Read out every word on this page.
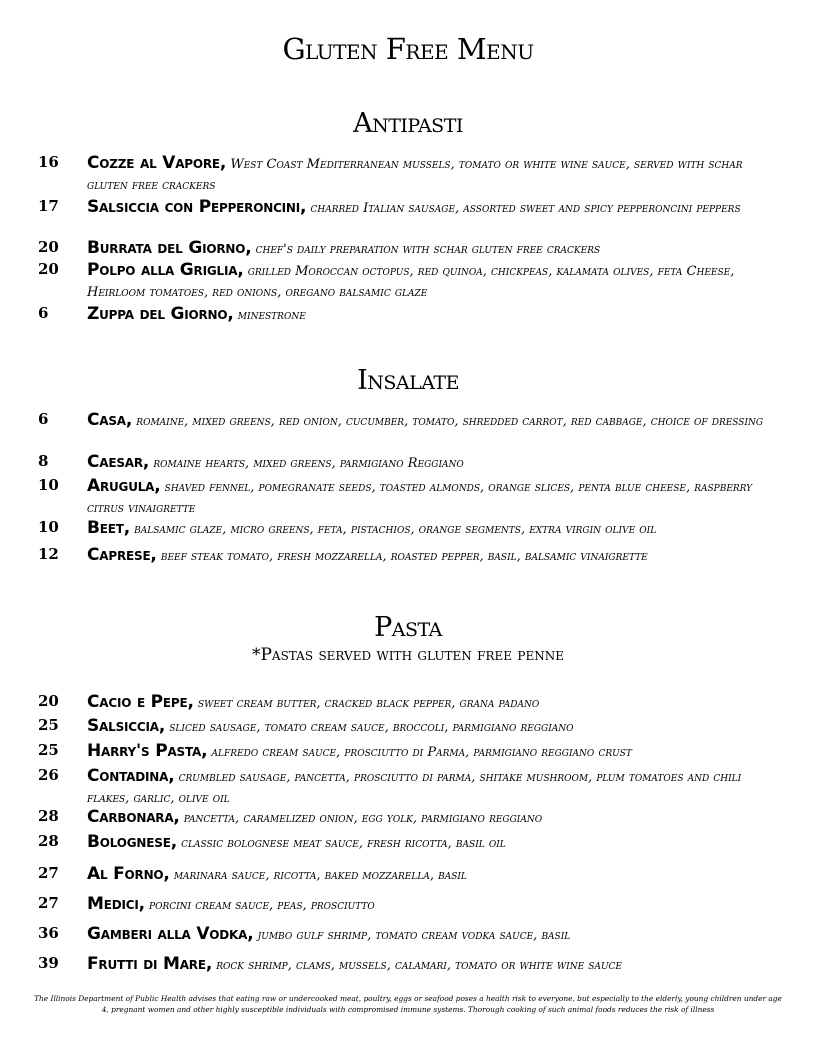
Gluten Free Menu
Antipasti
16	Cozze al Vapore, West Coast Mediterranean mussels, tomato or white wine sauce, served with schar gluten free crackers
17	Salsiccia con Pepperoncini, charred Italian sausage, assorted sweet and spicy pepperoncini peppers
20	Burrata del Giorno, chef's daily preparation with schar gluten free crackers
20	Polpo alla Griglia, grilled Moroccan octopus, red quinoa, chickpeas, kalamata olives, feta Cheese, Heirloom tomatoes, red onions, oregano balsamic glaze
6	Zuppa del Giorno, minestrone
Insalate
6	Casa, romaine, mixed greens, red onion, cucumber, tomato, shredded carrot, red cabbage, choice of dressing
8	Caesar, romaine hearts, mixed greens, parmigiano Reggiano
10	Arugula, shaved fennel, pomegranate seeds, toasted almonds, orange slices, penta blue cheese, raspberry citrus vinaigrette
10	Beet, balsamic glaze, micro greens, feta, pistachios, orange segments, extra virgin olive oil
12	Caprese, beef steak tomato, fresh mozzarella, roasted pepper, basil, balsamic vinaigrette
Pasta

*Pastas served with gluten free penne

20	Cacio e Pepe, sweet cream butter, cracked black pepper, grana padano
25	Salsiccia, sliced sausage, tomato cream sauce, broccoli, parmigiano reggiano
25	Harry's Pasta, alfredo cream sauce, prosciutto di Parma, parmigiano reggiano crust
26	Contadina, crumbled sausage, pancetta, prosciutto di parma, shitake mushroom, plum tomatoes and chili flakes, garlic, olive oil
28	Carbonara, pancetta, caramelized onion, egg yolk, parmigiano reggiano
28	Bolognese, classic bolognese meat sauce, fresh ricotta, basil oil
27	Al Forno, marinara sauce, ricotta, baked mozzarella, basil
27	Medici, porcini cream sauce, peas, prosciutto
36	Gamberi alla Vodka, jumbo gulf shrimp, tomato cream vodka sauce, basil
39	Frutti di Mare, rock shrimp, clams, mussels, calamari, tomato or white wine sauce

The Illinois Department of Public Health advises that eating raw or undercooked meat, poultry, eggs or seafood poses a health risk to everyone, but especially to the elderly, young children under age 4, pregnant women and other highly susceptible individuals with compromised immune systems. Thorough cooking of such animal foods reduces the risk of illness
